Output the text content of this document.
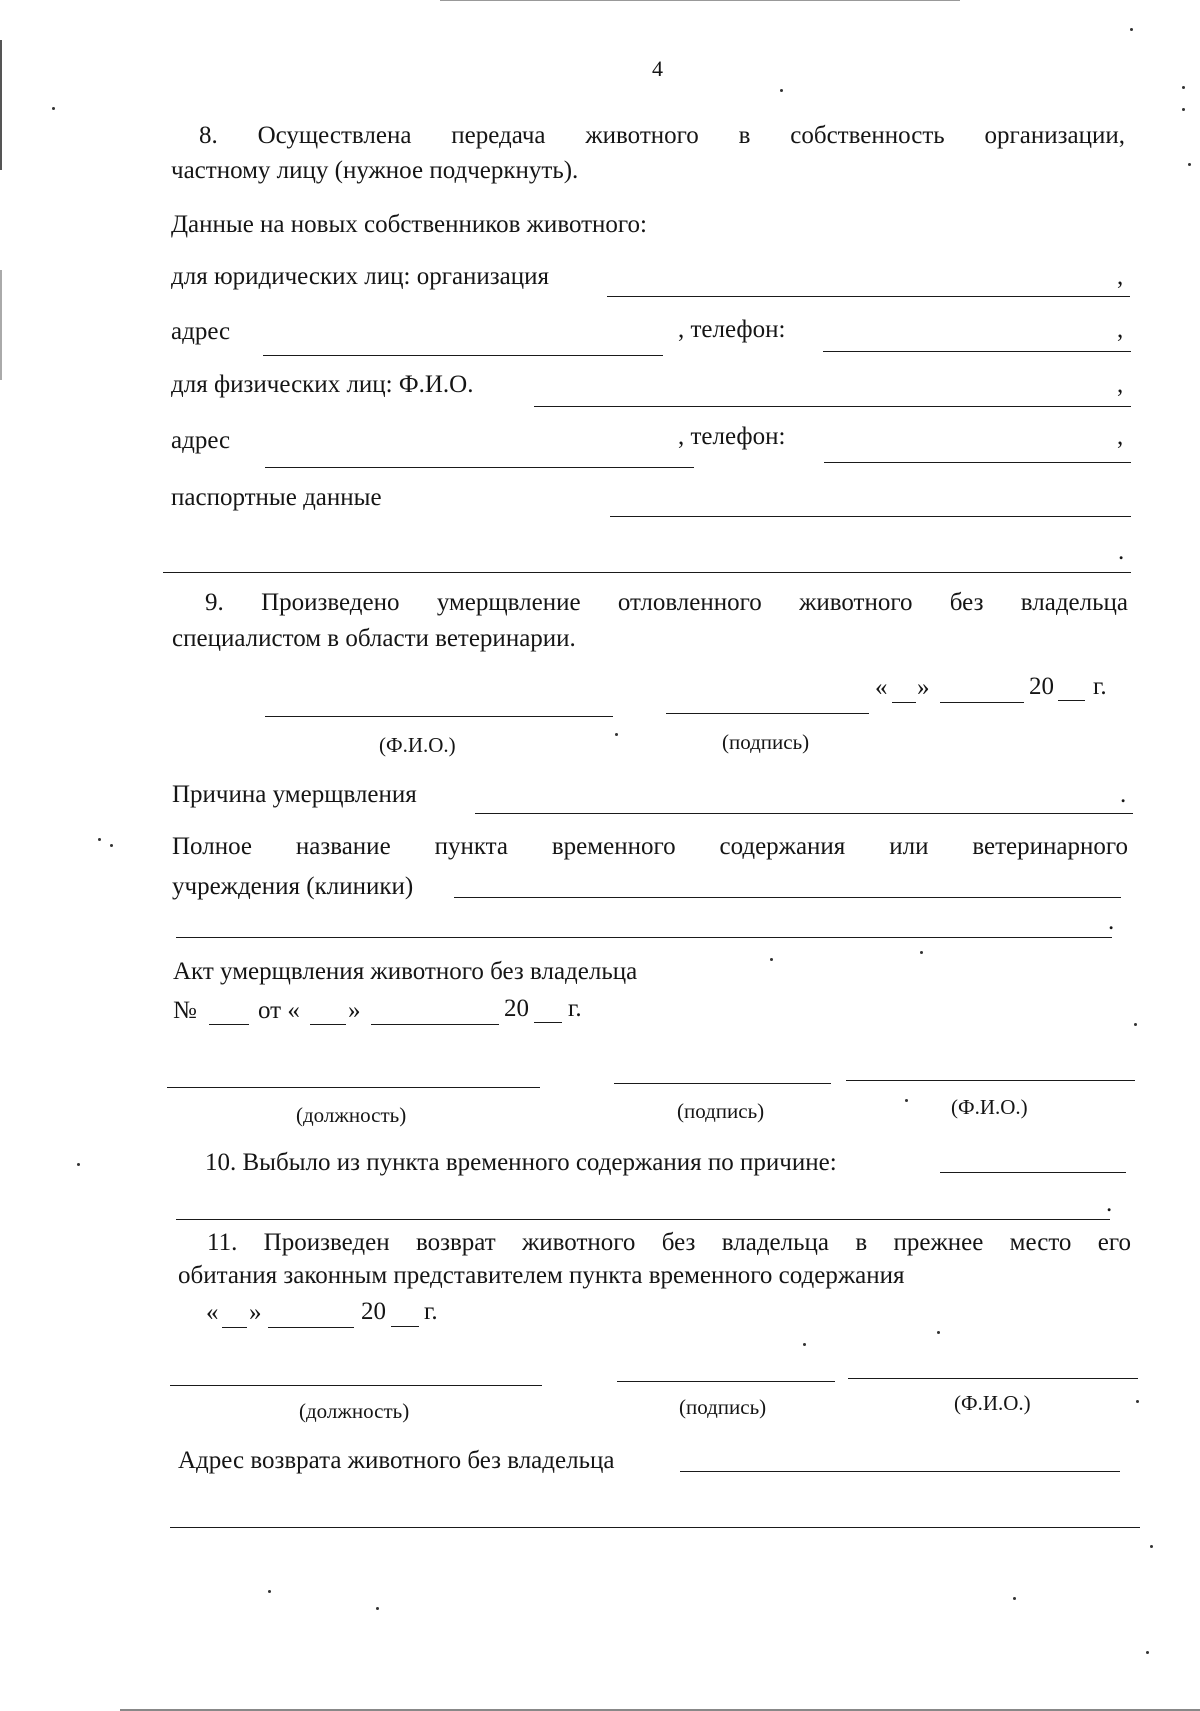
4
8. Осуществлена передача животного в собственность организации,
частному лицу (нужное подчеркнуть).
Данные на новых собственников животного:
для юридических лиц: организация	,
адрес	, телефон:	,
для физических лиц: Ф.И.О.	,
адрес	, телефон:	,
паспортные данные
.
9. Произведено умерщвление отловленного животного без владельца
специалистом в области ветеринарии.
« »	20 г.
(Ф.И.О.)	(подпись)
Причина умерщвления	.
Полное название пункта временного содержания или ветеринарного
учреждения (клиники)
.
Акт умерщвления животного без владельца
№ от « »	20 г.
(должность)	(подпись)	(Ф.И.О.)
10. Выбыло из пункта временного содержания по причине:
.
11. Произведен возврат животного без владельца в прежнее место его
обитания законным представителем пункта временного содержания
« »	20 г.
(должность)	(подпись)	(Ф.И.О.)
Адрес возврата животного без владельца
